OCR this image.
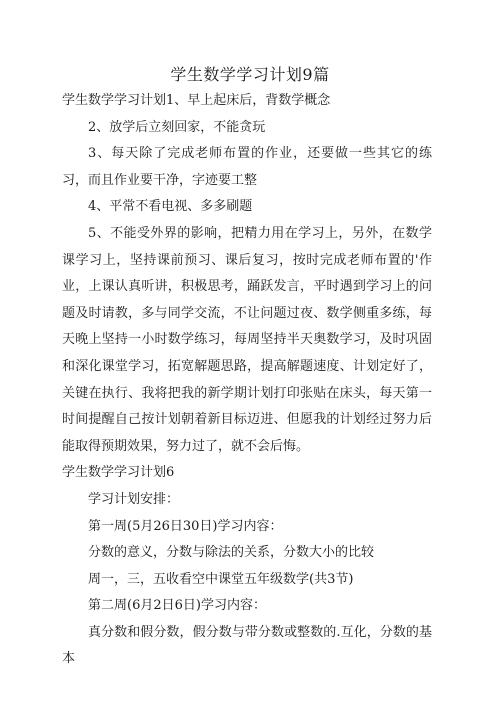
学生数学学习计划9篇

学生数学学习计划1、早上起床后，背数学概念

2、放学后立刻回家，不能贪玩

3、每天除了完成老师布置的作业，还要做一些其它的练习，而且作业要干净，字迹要工整

4、平常不看电视、多多刷题

5、不能受外界的影响，把精力用在学习上，另外，在数学课学习上，坚持课前预习、课后复习，按时完成老师布置的'作业，上课认真听讲，积极思考，踊跃发言，平时遇到学习上的问题及时请教，多与同学交流，不让问题过夜、数学侧重多练，每天晚上坚持一小时数学练习，每周坚持半天奥数学习，及时巩固和深化课堂学习，拓宽解题思路，提高解题速度、计划定好了，关键在执行、我将把我的新学期计划打印张贴在床头，每天第一时间提醒自己按计划朝着新目标迈进、但愿我的计划经过努力后能取得预期效果，努力过了，就不会后悔。

学生数学学习计划6

学习计划安排：

第一周(5月26日30日)学习内容：

分数的意义，分数与除法的关系，分数大小的比较

周一，三，五收看空中课堂五年级数学(共3节)

第二周(6月2日6日)学习内容：

真分数和假分数，假分数与带分数或整数的.互化，分数的基本
